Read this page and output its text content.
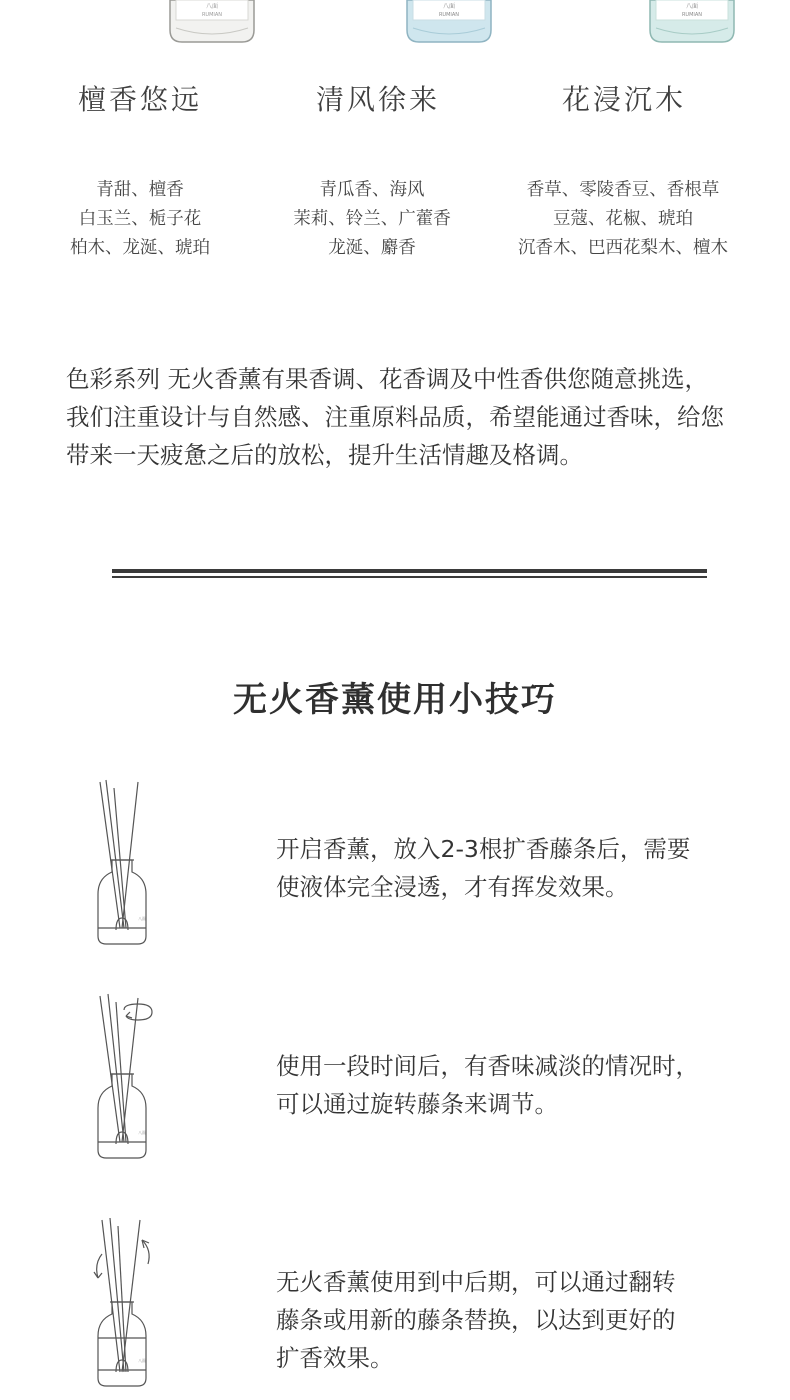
八面
RUMIAN
八面
RUMIAN
八面
RUMIAN
檀香悠远	清风徐来	花浸沉木
青甜、檀香
白玉兰、栀子花
柏木、龙涎、琥珀
青瓜香、海风
茉莉、铃兰、广藿香
龙涎、麝香
香草、零陵香豆、香根草
豆蔻、花椒、琥珀
沉香木、巴西花梨木、檀木
色彩系列 无火香薰有果香调、花香调及中性香供您随意挑选，
我们注重设计与自然感、注重原料品质，希望能通过香味，给您
带来一天疲惫之后的放松，提升生活情趣及格调。
无火香薰使用小技巧
八面
开启香薰，放入2-3根扩香藤条后，需要
使液体完全浸透，才有挥发效果。
八面
使用一段时间后，有香味减淡的情况时，
可以通过旋转藤条来调节。
八面
无火香薰使用到中后期，可以通过翻转
藤条或用新的藤条替换，以达到更好的
扩香效果。
